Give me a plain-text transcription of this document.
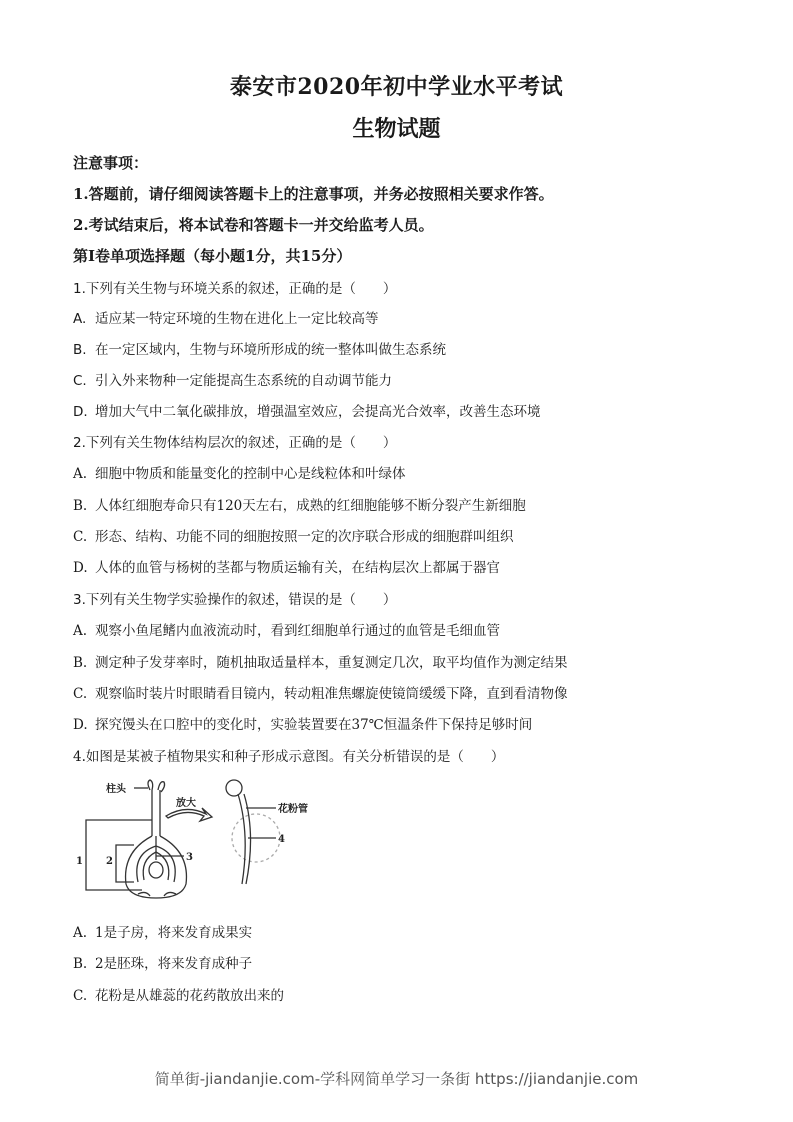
泰安市2020年初中学业水平考试
生物试题
注意事项：
1.答题前，请仔细阅读答题卡上的注意事项，并务必按照相关要求作答。
2.考试结束后，将本试卷和答题卡一并交给监考人员。
第Ⅰ卷单项选择题（每小题1分，共15分）
1.下列有关生物与环境关系的叙述，正确的是（　　）
A. 适应某一特定环境的生物在进化上一定比较高等
B. 在一定区域内，生物与环境所形成的统一整体叫做生态系统
C. 引入外来物种一定能提高生态系统的自动调节能力
D. 增加大气中二氧化碳排放，增强温室效应，会提高光合效率，改善生态环境
2.下列有关生物体结构层次的叙述，正确的是（　　）
A. 细胞中物质和能量变化的控制中心是线粒体和叶绿体
B. 人体红细胞寿命只有120天左右，成熟的红细胞能够不断分裂产生新细胞
C. 形态、结构、功能不同的细胞按照一定的次序联合形成的细胞群叫组织
D. 人体的血管与杨树的茎都与物质运输有关，在结构层次上都属于器官
3.下列有关生物学实验操作的叙述，错误的是（　　）
A. 观察小鱼尾鳍内血液流动时，看到红细胞单行通过的血管是毛细血管
B. 测定种子发芽率时，随机抽取适量样本，重复测定几次，取平均值作为测定结果
C. 观察临时装片时眼睛看目镜内，转动粗准焦螺旋使镜筒缓缓下降，直到看清物像
D. 探究馒头在口腔中的变化时，实验装置要在37℃恒温条件下保持足够时间
4.如图是某被子植物果实和种子形成示意图。有关分析错误的是（　　）
柱头
放大
花粉管
1 2	3
4
A. 1是子房，将来发育成果实
B. 2是胚珠，将来发育成种子
C. 花粉是从雄蕊的花药散放出来的
简单街-jiandanjie.com-学科网简单学习一条街 https://jiandanjie.com
